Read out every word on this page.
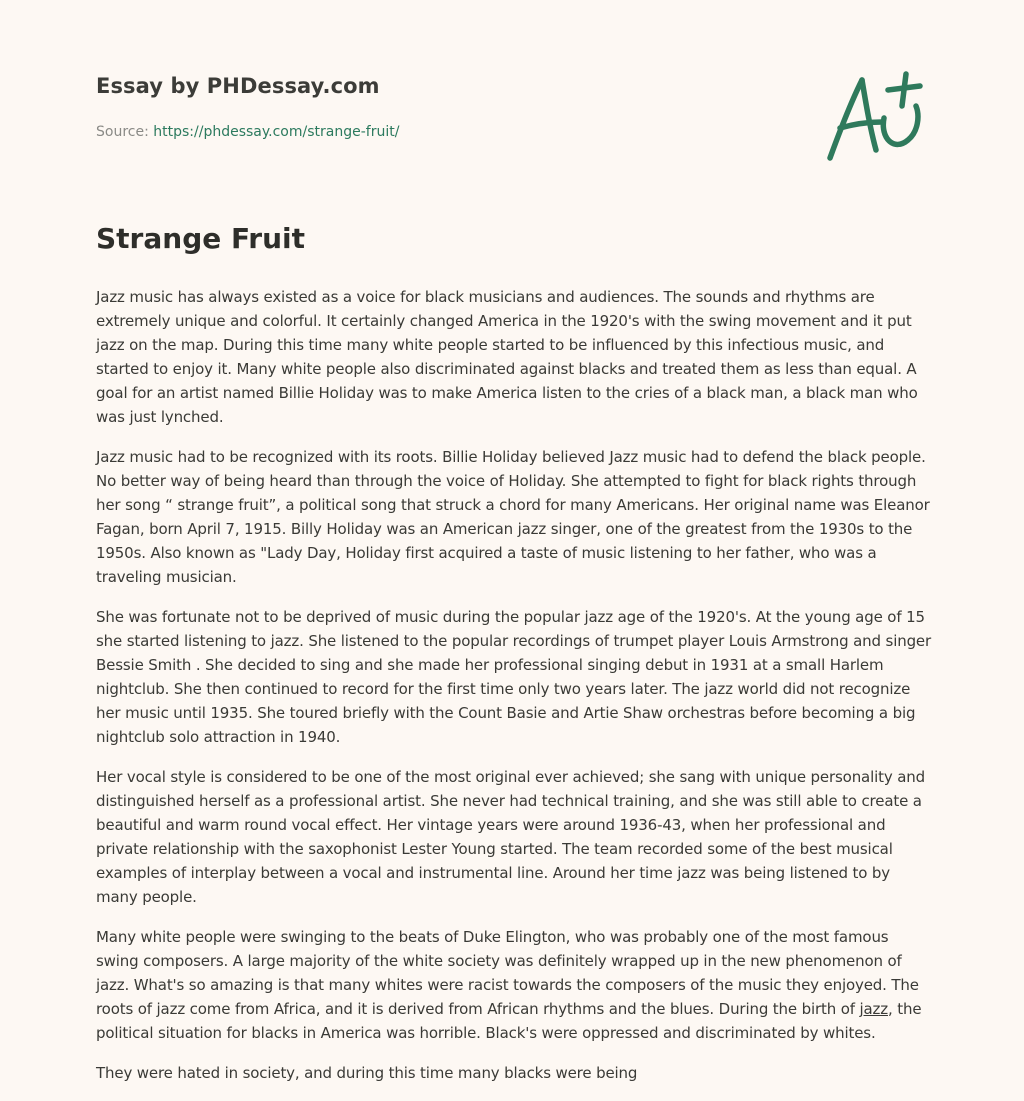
Essay by PHDessay.com

Source: https://phdessay.com/strange-fruit/
Strange Fruit

Jazz music has always existed as a voice for black musicians and audiences. The sounds and rhythms are extremely unique and colorful. It certainly changed America in the 1920's with the swing movement and it put jazz on the map. During this time many white people started to be influenced by this infectious music, and started to enjoy it. Many white people also discriminated against blacks and treated them as less than equal. A goal for an artist named Billie Holiday was to make America listen to the cries of a black man, a black man who was just lynched.

Jazz music had to be recognized with its roots. Billie Holiday believed Jazz music had to defend the black people. No better way of being heard than through the voice of Holiday. She attempted to fight for black rights through her song “ strange fruit”, a political song that struck a chord for many Americans. Her original name was Eleanor Fagan, born April 7, 1915. Billy Holiday was an American jazz singer, one of the greatest from the 1930s to the 1950s. Also known as "Lady Day, Holiday first acquired a taste of music listening to her father, who was a traveling musician.

She was fortunate not to be deprived of music during the popular jazz age of the 1920's. At the young age of 15 she started listening to jazz. She listened to the popular recordings of trumpet player Louis Armstrong and singer Bessie Smith . She decided to sing and she made her professional singing debut in 1931 at a small Harlem nightclub. She then continued to record for the first time only two years later. The jazz world did not recognize her music until 1935. She toured briefly with the Count Basie and Artie Shaw orchestras before becoming a big nightclub solo attraction in 1940.

Her vocal style is considered to be one of the most original ever achieved; she sang with unique personality and distinguished herself as a professional artist. She never had technical training, and she was still able to create a beautiful and warm round vocal effect. Her vintage years were around 1936-43, when her professional and private relationship with the saxophonist Lester Young started. The team recorded some of the best musical examples of interplay between a vocal and instrumental line. Around her time jazz was being listened to by many people.

Many white people were swinging to the beats of Duke Elington, who was probably one of the most famous swing composers. A large majority of the white society was definitely wrapped up in the new phenomenon of jazz. What's so amazing is that many whites were racist towards the composers of the music they enjoyed. The roots of jazz come from Africa, and it is derived from African rhythms and the blues. During the birth of jazz, the political situation for blacks in America was horrible. Black's were oppressed and discriminated by whites.

They were hated in society, and during this time many blacks were being
